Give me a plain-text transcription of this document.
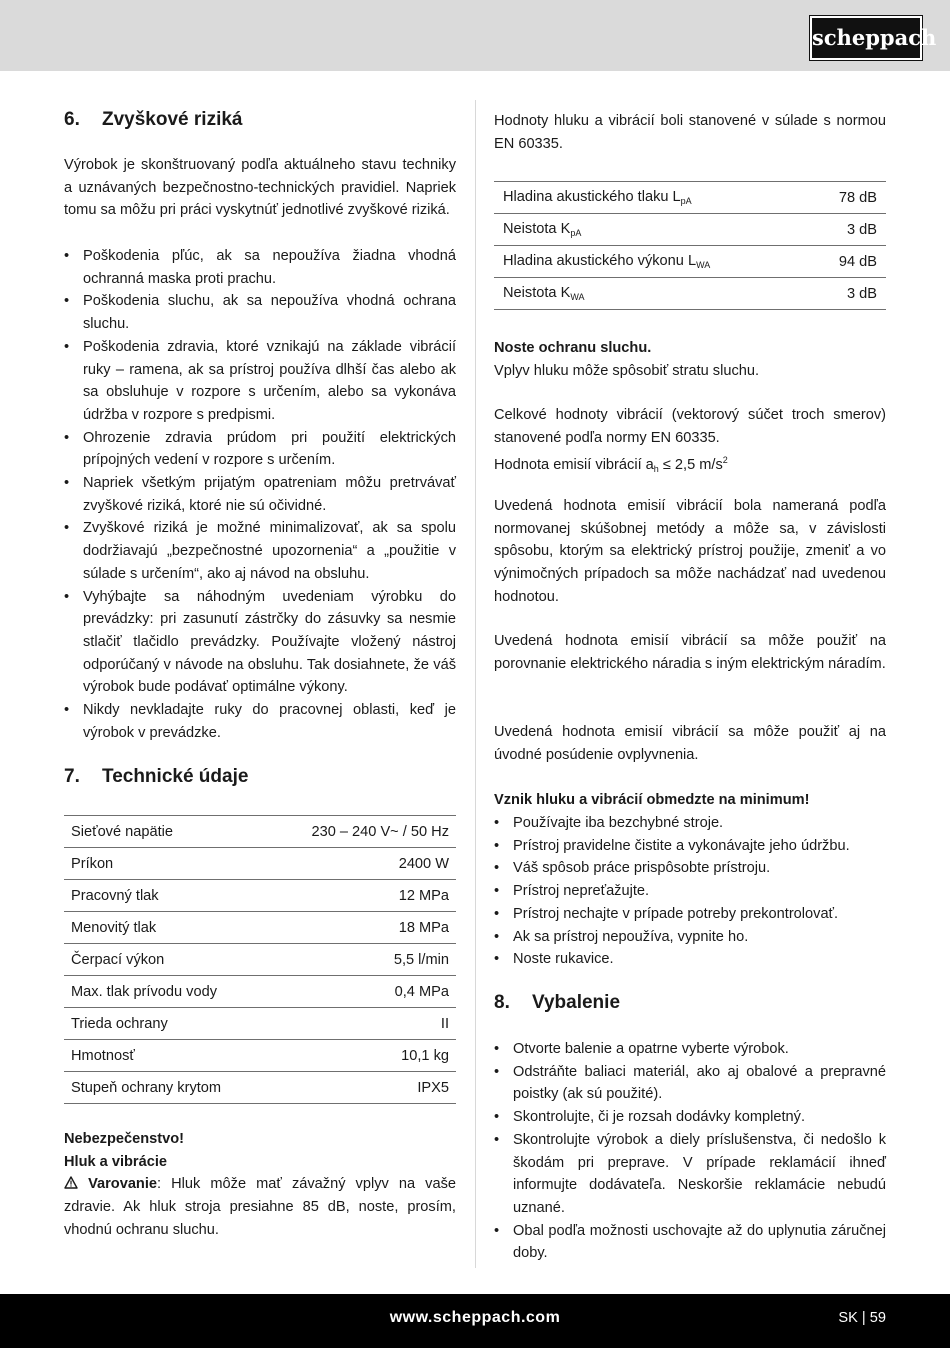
scheppach
6. Zvyškové riziká
Výrobok je skonštruovaný podľa aktuálneho stavu techniky a uznávaných bezpečnostno-technických pravidiel. Napriek tomu sa môžu pri práci vyskytnúť jednotlivé zvyškové riziká.
• Poškodenia pľúc, ak sa nepoužíva žiadna vhodná ochranná maska proti prachu.
• Poškodenia sluchu, ak sa nepoužíva vhodná ochrana sluchu.
• Poškodenia zdravia, ktoré vznikajú na základe vibrácií ruky – ramena, ak sa prístroj používa dlhší čas alebo ak sa obsluhuje v rozpore s určením, alebo sa vykonáva údržba v rozpore s predpismi.
• Ohrozenie zdravia prúdom pri použití elektrických prípojných vedení v rozpore s určením.
• Napriek všetkým prijatým opatreniam môžu pretrvávať zvyškové riziká, ktoré nie sú očividné.
• Zvyškové riziká je možné minimalizovať, ak sa spolu dodržiavajú „bezpečnostné upozornenia“ a „použitie v súlade s určením“, ako aj návod na obsluhu.
• Vyhýbajte sa náhodným uvedeniam výrobku do prevádzky: pri zasunutí zástrčky do zásuvky sa nesmie stlačiť tlačidlo prevádzky. Používajte vložený nástroj odporúčaný v návode na obsluhu. Tak dosiahnete, že váš výrobok bude podávať optimálne výkony.
• Nikdy nevkladajte ruky do pracovnej oblasti, keď je výrobok v prevádzke.
7. Technické údaje
Sieťové napätie	230 – 240 V~ / 50 Hz
Príkon	2400 W
Pracovný tlak	12 MPa
Menovitý tlak	18 MPa
Čerpací výkon	5,5 l/min
Max. tlak prívodu vody	0,4 MPa
Trieda ochrany	II
Hmotnosť	10,1 kg
Stupeň ochrany krytom	IPX5

Nebezpečenstvo!

Hluk a vibrácie

Varovanie: Hluk môže mať závažný vplyv na vaše zdravie. Ak hluk stroja presiahne 85 dB, noste, prosím, vhodnú ochranu sluchu.

Hodnoty hluku a vibrácií boli stanovené v súlade s normou EN 60335.
Hladina akustického tlaku $L_{pA}$	78 dB
Neistota $K_{pA}$	3 dB
Hladina akustického výkonu $L_{WA}$	94 dB
Neistota $K_{WA}$	3 dB

Noste ochranu sluchu.

Vplyv hluku môže spôsobiť stratu sluchu.

Celkové hodnoty vibrácií (vektorový súčet troch smerov) stanovené podľa normy EN 60335.

Hodnota emisií vibrácií $a_h \le 2,5$ $m/s^2$

Uvedená hodnota emisií vibrácií bola nameraná podľa normovanej skúšobnej metódy a môže sa, v závislosti spôsobu, ktorým sa elektrický prístroj použije, zmeniť a vo výnimočných prípadoch sa môže nachádzať nad uvedenou hodnotou.
Uvedená hodnota emisií vibrácií sa môže použiť na porovnanie elektrického náradia s iným elektrickým náradím.
Uvedená hodnota emisií vibrácií sa môže použiť aj na úvodné posúdenie ovplyvnenia.
Vznik hluku a vibrácií obmedzte na minimum!
• Používajte iba bezchybné stroje.
• Prístroj pravidelne čistite a vykonávajte jeho údržbu.
• Váš spôsob práce prispôsobte prístroju.
• Prístroj nepreťažujte.
• Prístroj nechajte v prípade potreby prekontrolovať.
• Ak sa prístroj nepoužíva, vypnite ho.
• Noste rukavice.
8. Vybalenie
• Otvorte balenie a opatrne vyberte výrobok.
• Odstráňte baliaci materiál, ako aj obalové a prepravné poistky (ak sú použité).
• Skontrolujte, či je rozsah dodávky kompletný.
• Skontrolujte výrobok a diely príslušenstva, či nedošlo k škodám pri preprave. V prípade reklamácií ihneď informujte dodávateľa. Neskoršie reklamácie nebudú uznané.
• Obal podľa možnosti uschovajte až do uplynutia záručnej doby.
www.scheppach.com	SK | 59
